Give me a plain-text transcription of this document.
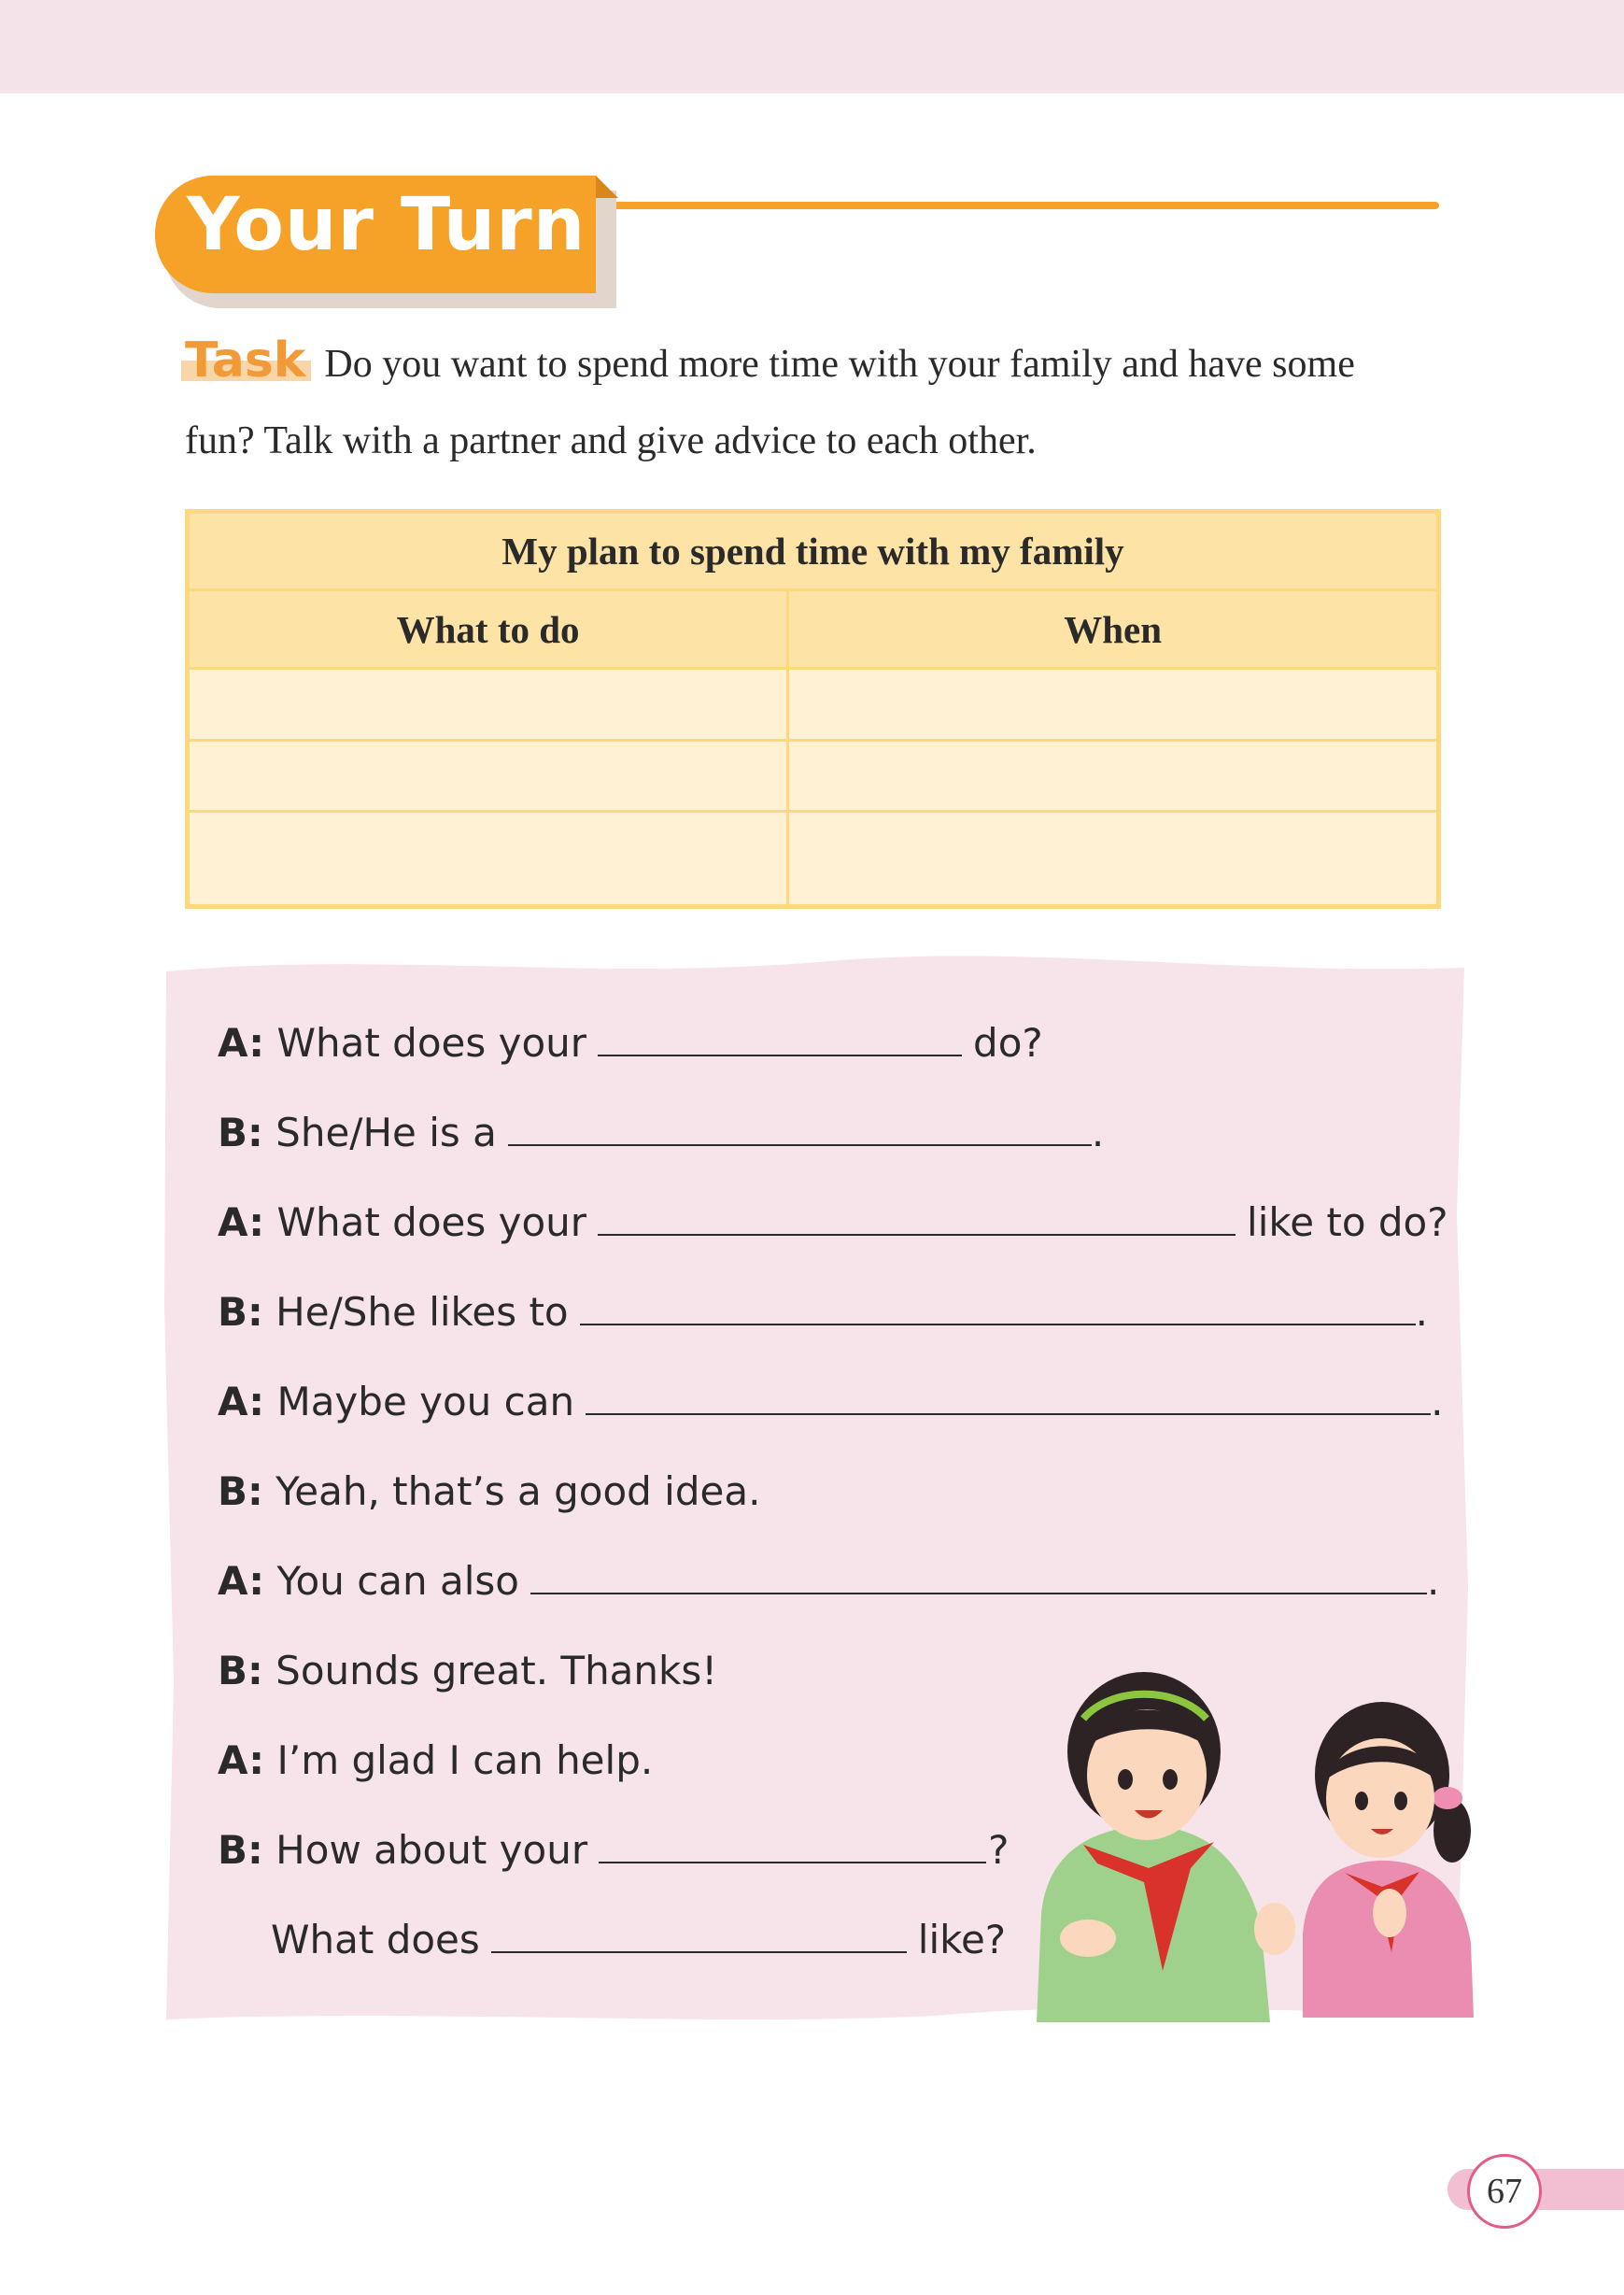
Your Turn
Task Do you want to spend more time with your family and have some
fun? Talk with a partner and give advice to each other.
My plan to spend time with my family	
What to do	When

A: What does your	do?
B: She/He is a	.
A: What does your	like to do?
B: He/She likes to	.
A: Maybe you can	.
B: Yeah, that’s a good idea.
A: You can also	.
B: Sounds great. Thanks!
A: I’m glad I can help.
B: How about your	?
What does	like?
67
